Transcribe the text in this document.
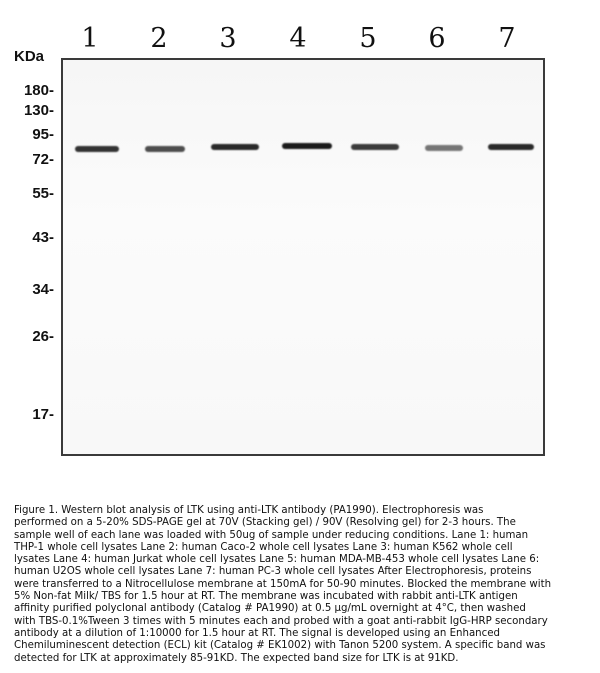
1 2 3 4 5 6 7
KDa
180-
130-
95-
72-
55-
43-
34-
26-
17-
Figure 1. Western blot analysis of LTK using anti-LTK antibody (PA1990). Electrophoresis was
performed on a 5-20% SDS-PAGE gel at 70V (Stacking gel) / 90V (Resolving gel) for 2-3 hours. The
sample well of each lane was loaded with 50ug of sample under reducing conditions. Lane 1: human
THP-1 whole cell lysates Lane 2: human Caco-2 whole cell lysates Lane 3: human K562 whole cell
lysates Lane 4: human Jurkat whole cell lysates Lane 5: human MDA-MB-453 whole cell lysates Lane 6:
human U2OS whole cell lysates Lane 7: human PC-3 whole cell lysates After Electrophoresis, proteins
were transferred to a Nitrocellulose membrane at 150mA for 50-90 minutes. Blocked the membrane with
5% Non-fat Milk/ TBS for 1.5 hour at RT. The membrane was incubated with rabbit anti-LTK antigen
affinity purified polyclonal antibody (Catalog # PA1990) at 0.5 μg/mL overnight at 4°C, then washed
with TBS-0.1%Tween 3 times with 5 minutes each and probed with a goat anti-rabbit IgG-HRP secondary
antibody at a dilution of 1:10000 for 1.5 hour at RT. The signal is developed using an Enhanced
Chemiluminescent detection (ECL) kit (Catalog # EK1002) with Tanon 5200 system. A specific band was
detected for LTK at approximately 85-91KD. The expected band size for LTK is at 91KD.
